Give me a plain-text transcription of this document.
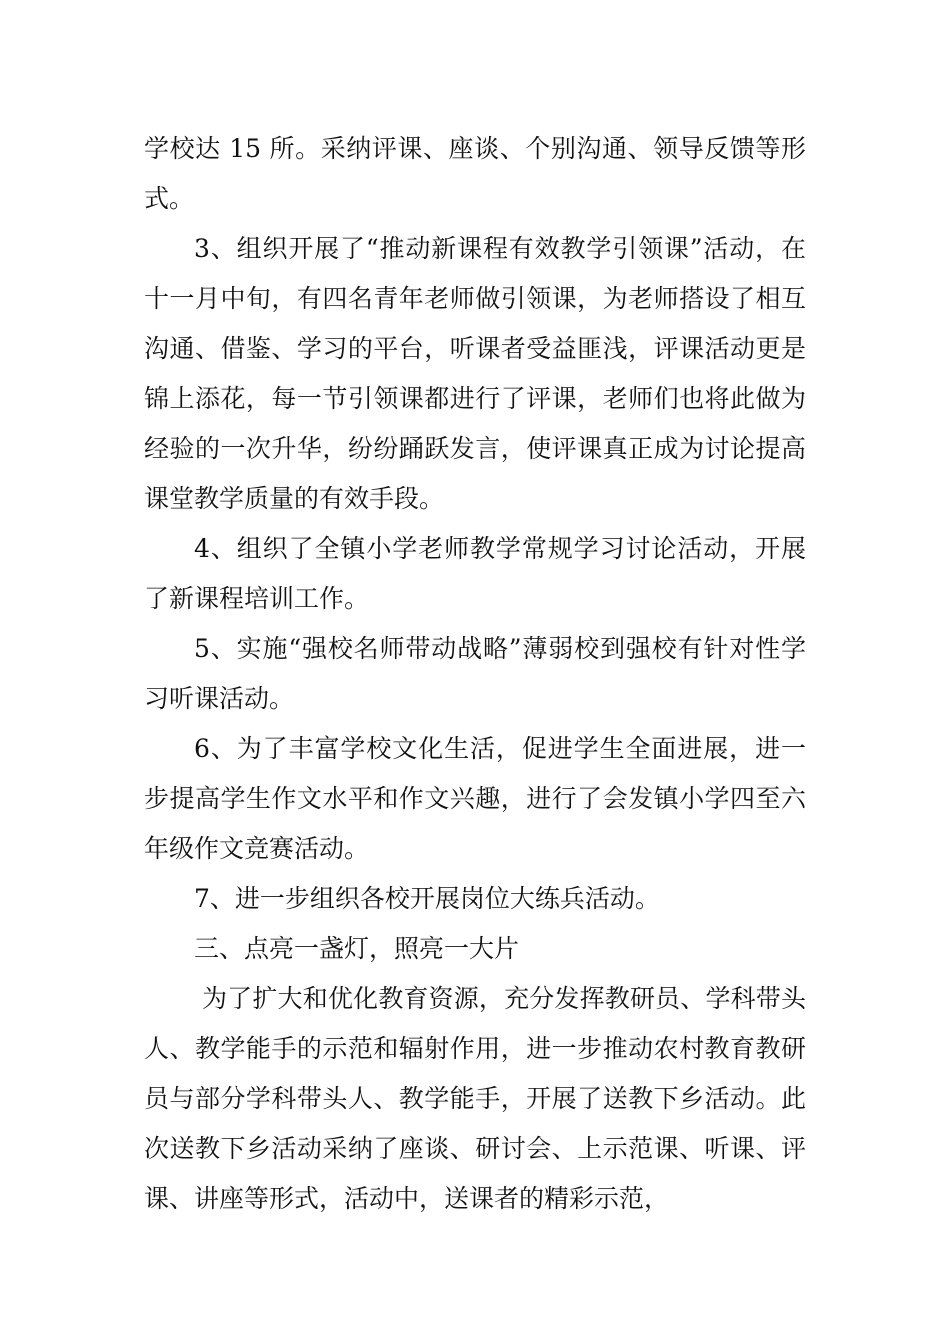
学校达 15 所。采纳评课、座谈、个别沟通、领导反馈等形式。

3、组织开展了“推动新课程有效教学引领课”活动，在十一月中旬，有四名青年老师做引领课，为老师搭设了相互沟通、借鉴、学习的平台，听课者受益匪浅，评课活动更是锦上添花，每一节引领课都进行了评课，老师们也将此做为经验的一次升华，纷纷踊跃发言，使评课真正成为讨论提高课堂教学质量的有效手段。

4、组织了全镇小学老师教学常规学习讨论活动，开展了新课程培训工作。

5、实施“强校名师带动战略”薄弱校到强校有针对性学习听课活动。

6、为了丰富学校文化生活，促进学生全面进展，进一步提高学生作文水平和作文兴趣，进行了会发镇小学四至六年级作文竞赛活动。

7、进一步组织各校开展岗位大练兵活动。

三、点亮一盏灯，照亮一大片

为了扩大和优化教育资源，充分发挥教研员、学科带头人、教学能手的示范和辐射作用，进一步推动农村教育教研员与部分学科带头人、教学能手，开展了送教下乡活动。此次送教下乡活动采纳了座谈、研讨会、上示范课、听课、评课、讲座等形式，活动中，送课者的精彩示范，
